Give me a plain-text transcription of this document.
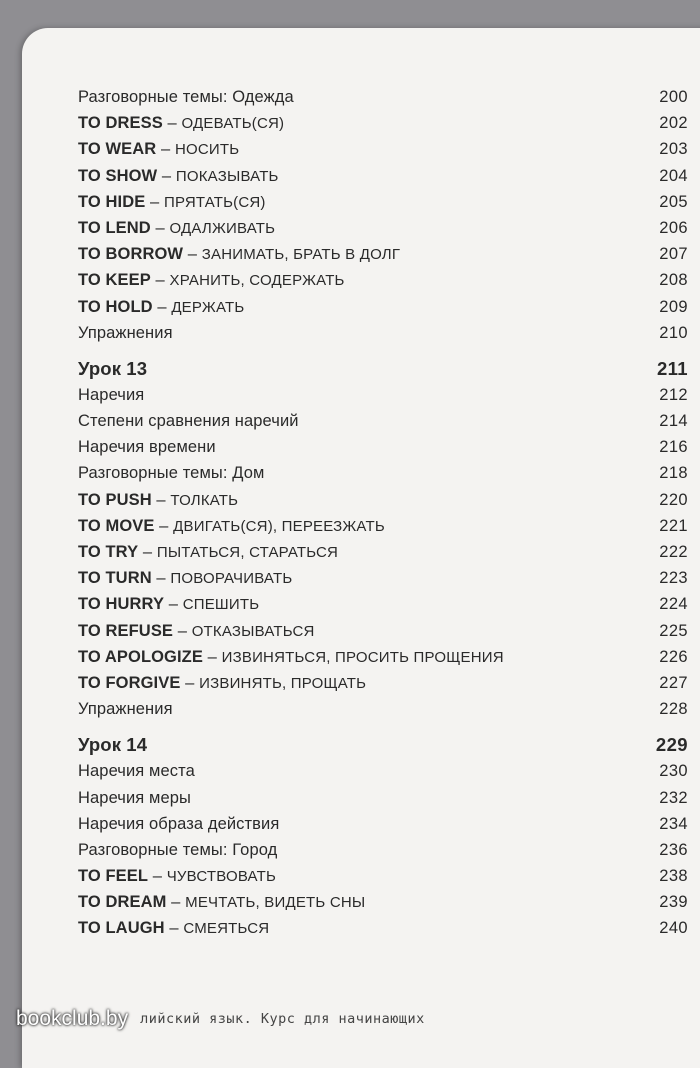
Разговорные темы: Одежда	200
TO DRESS – ОДЕВАТЬ(СЯ)	202
TO WEAR – НОСИТЬ	203
TO SHOW – ПОКАЗЫВАТЬ	204
TO HIDE – ПРЯТАТЬ(СЯ)	205
TO LEND – ОДАЛЖИВАТЬ	206
TO BORROW – ЗАНИМАТЬ, БРАТЬ В ДОЛГ	207
TO KEEP – ХРАНИТЬ, СОДЕРЖАТЬ	208
TO HOLD – ДЕРЖАТЬ	209
Упражнения	210
Урок 13	211
Наречия	212
Степени сравнения наречий	214
Наречия времени	216
Разговорные темы: Дом	218
TO PUSH – ТОЛКАТЬ	220
TO MOVE – ДВИГАТЬ(СЯ), ПЕРЕЕЗЖАТЬ	221
TO TRY – ПЫТАТЬСЯ, СТАРАТЬСЯ	222
TO TURN – ПОВОРАЧИВАТЬ	223
TO HURRY – СПЕШИТЬ	224
TO REFUSE – ОТКАЗЫВАТЬСЯ	225
TO APOLOGIZE – ИЗВИНЯТЬСЯ, ПРОСИТЬ ПРОЩЕНИЯ	226
TO FORGIVE – ИЗВИНЯТЬ, ПРОЩАТЬ	227
Упражнения	228
Урок 14	229
Наречия места	230
Наречия меры	232
Наречия образа действия	234
Разговорные темы: Город	236
TO FEEL – ЧУВСТВОВАТЬ	238
TO DREAM – МЕЧТАТЬ, ВИДЕТЬ СНЫ	239
TO LAUGH – СМЕЯТЬСЯ	240
bookclub.by лийский язык. Курс для начинающих
